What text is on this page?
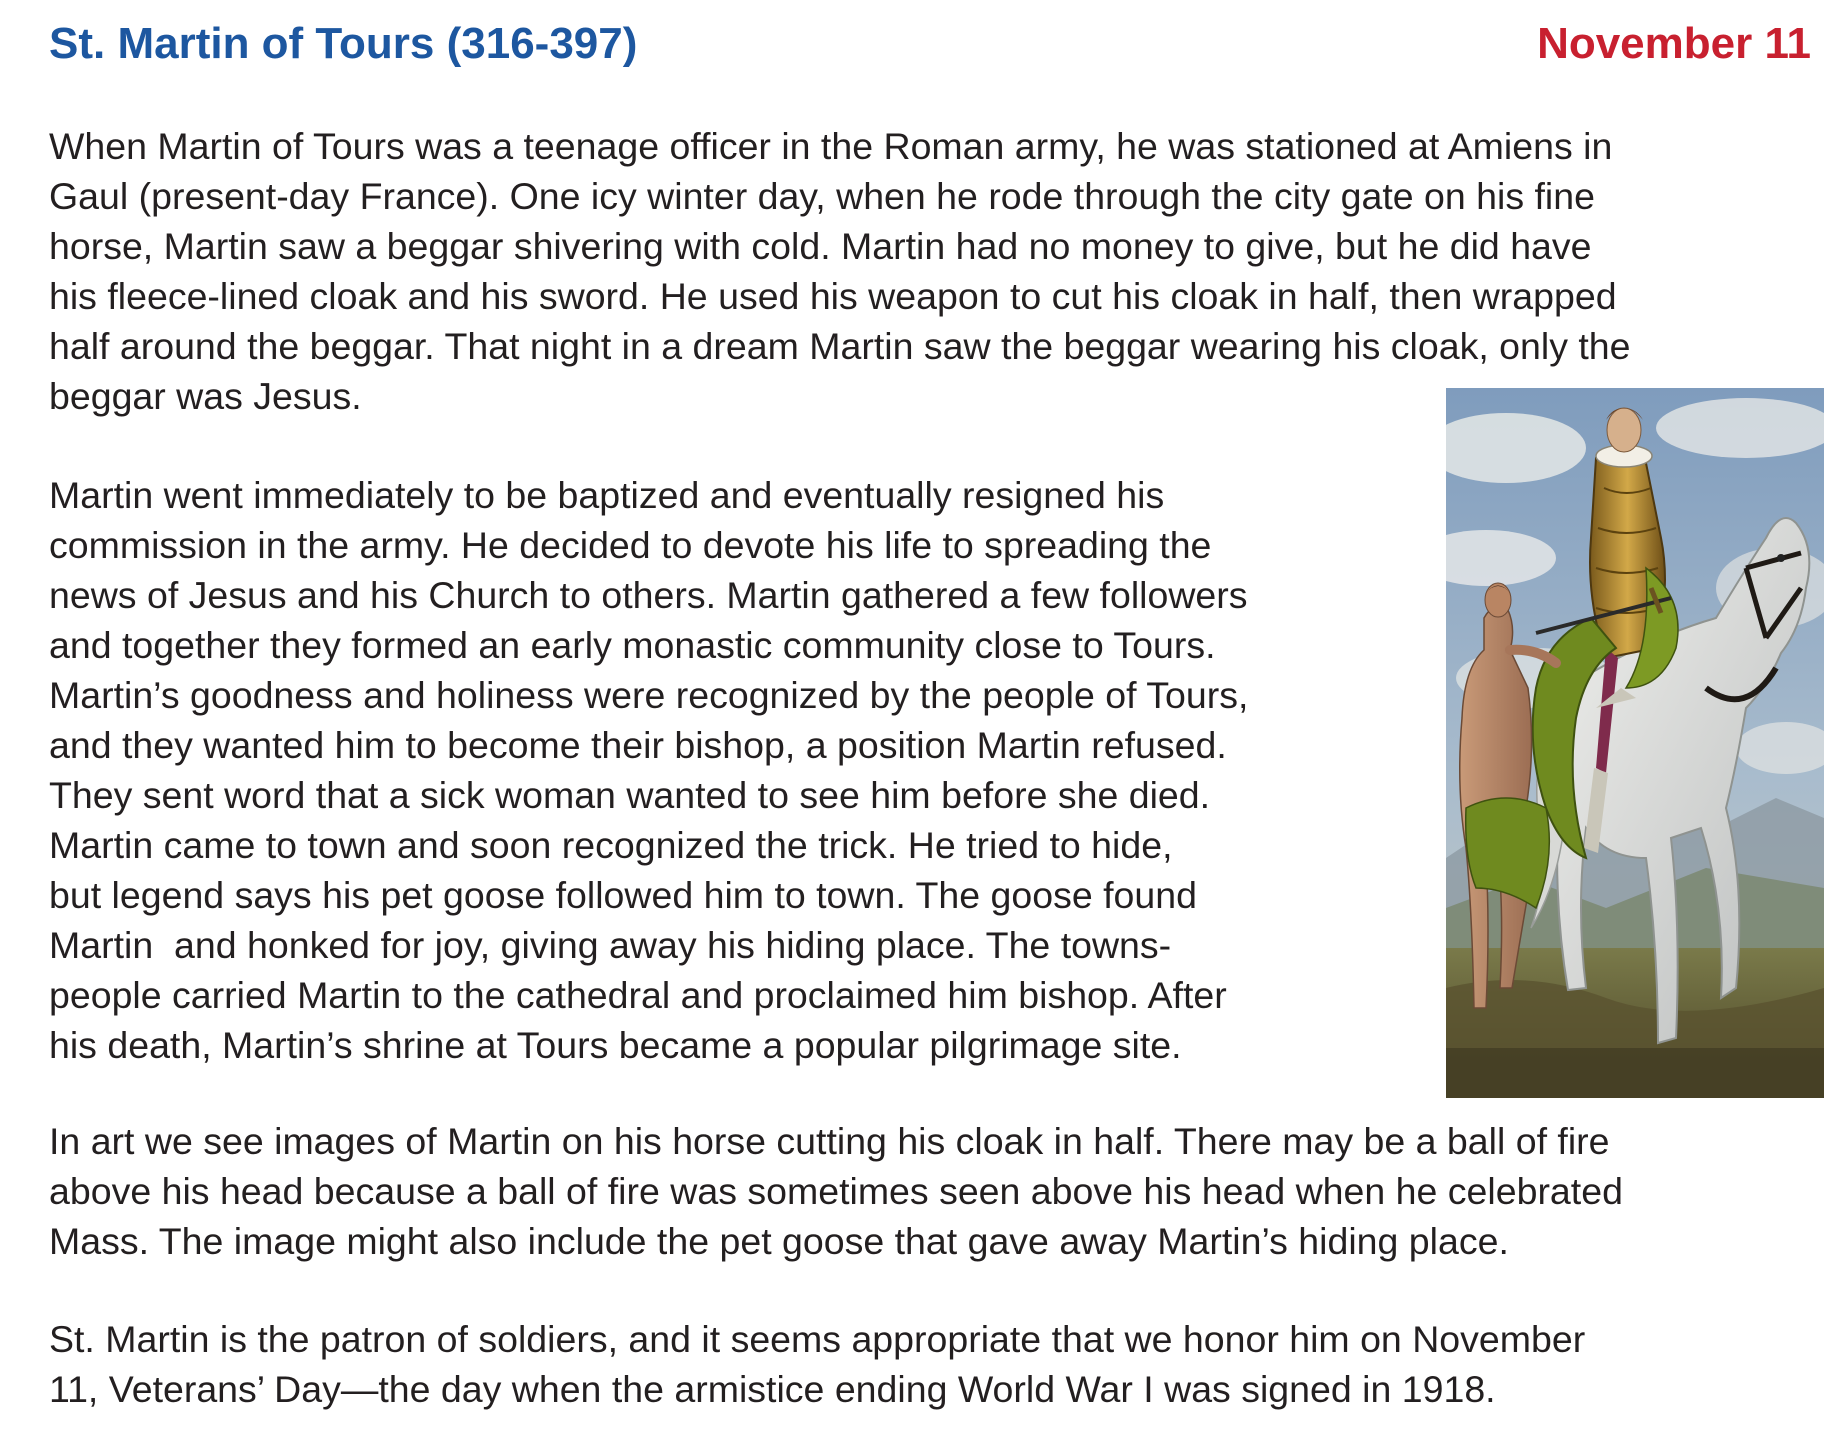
St. Martin of Tours (316-397)	November 11

When Martin of Tours was a teenage officer in the Roman army, he was stationed at Amiens in
Gaul (present-day France). One icy winter day, when he rode through the city gate on his fine
horse, Martin saw a beggar shivering with cold. Martin had no money to give, but he did have
his fleece-lined cloak and his sword. He used his weapon to cut his cloak in half, then wrapped
half around the beggar. That night in a dream Martin saw the beggar wearing his cloak, only the
beggar was Jesus.

Martin went immediately to be baptized and eventually resigned his
commission in the army. He decided to devote his life to spreading the
news of Jesus and his Church to others. Martin gathered a few followers
and together they formed an early monastic community close to Tours.
Martin’s goodness and holiness were recognized by the people of Tours,
and they wanted him to become their bishop, a position Martin refused.
They sent word that a sick woman wanted to see him before she died.
Martin came to town and soon recognized the trick. He tried to hide,
but legend says his pet goose followed him to town. The goose found
Martin  and honked for joy, giving away his hiding place. The towns-
people carried Martin to the cathedral and proclaimed him bishop. After
his death, Martin’s shrine at Tours became a popular pilgrimage site.

In art we see images of Martin on his horse cutting his cloak in half. There may be a ball of fire
above his head because a ball of fire was sometimes seen above his head when he celebrated
Mass. The image might also include the pet goose that gave away Martin’s hiding place.

St. Martin is the patron of soldiers, and it seems appropriate that we honor him on November
11, Veterans’ Day—the day when the armistice ending World War I was signed in 1918.
